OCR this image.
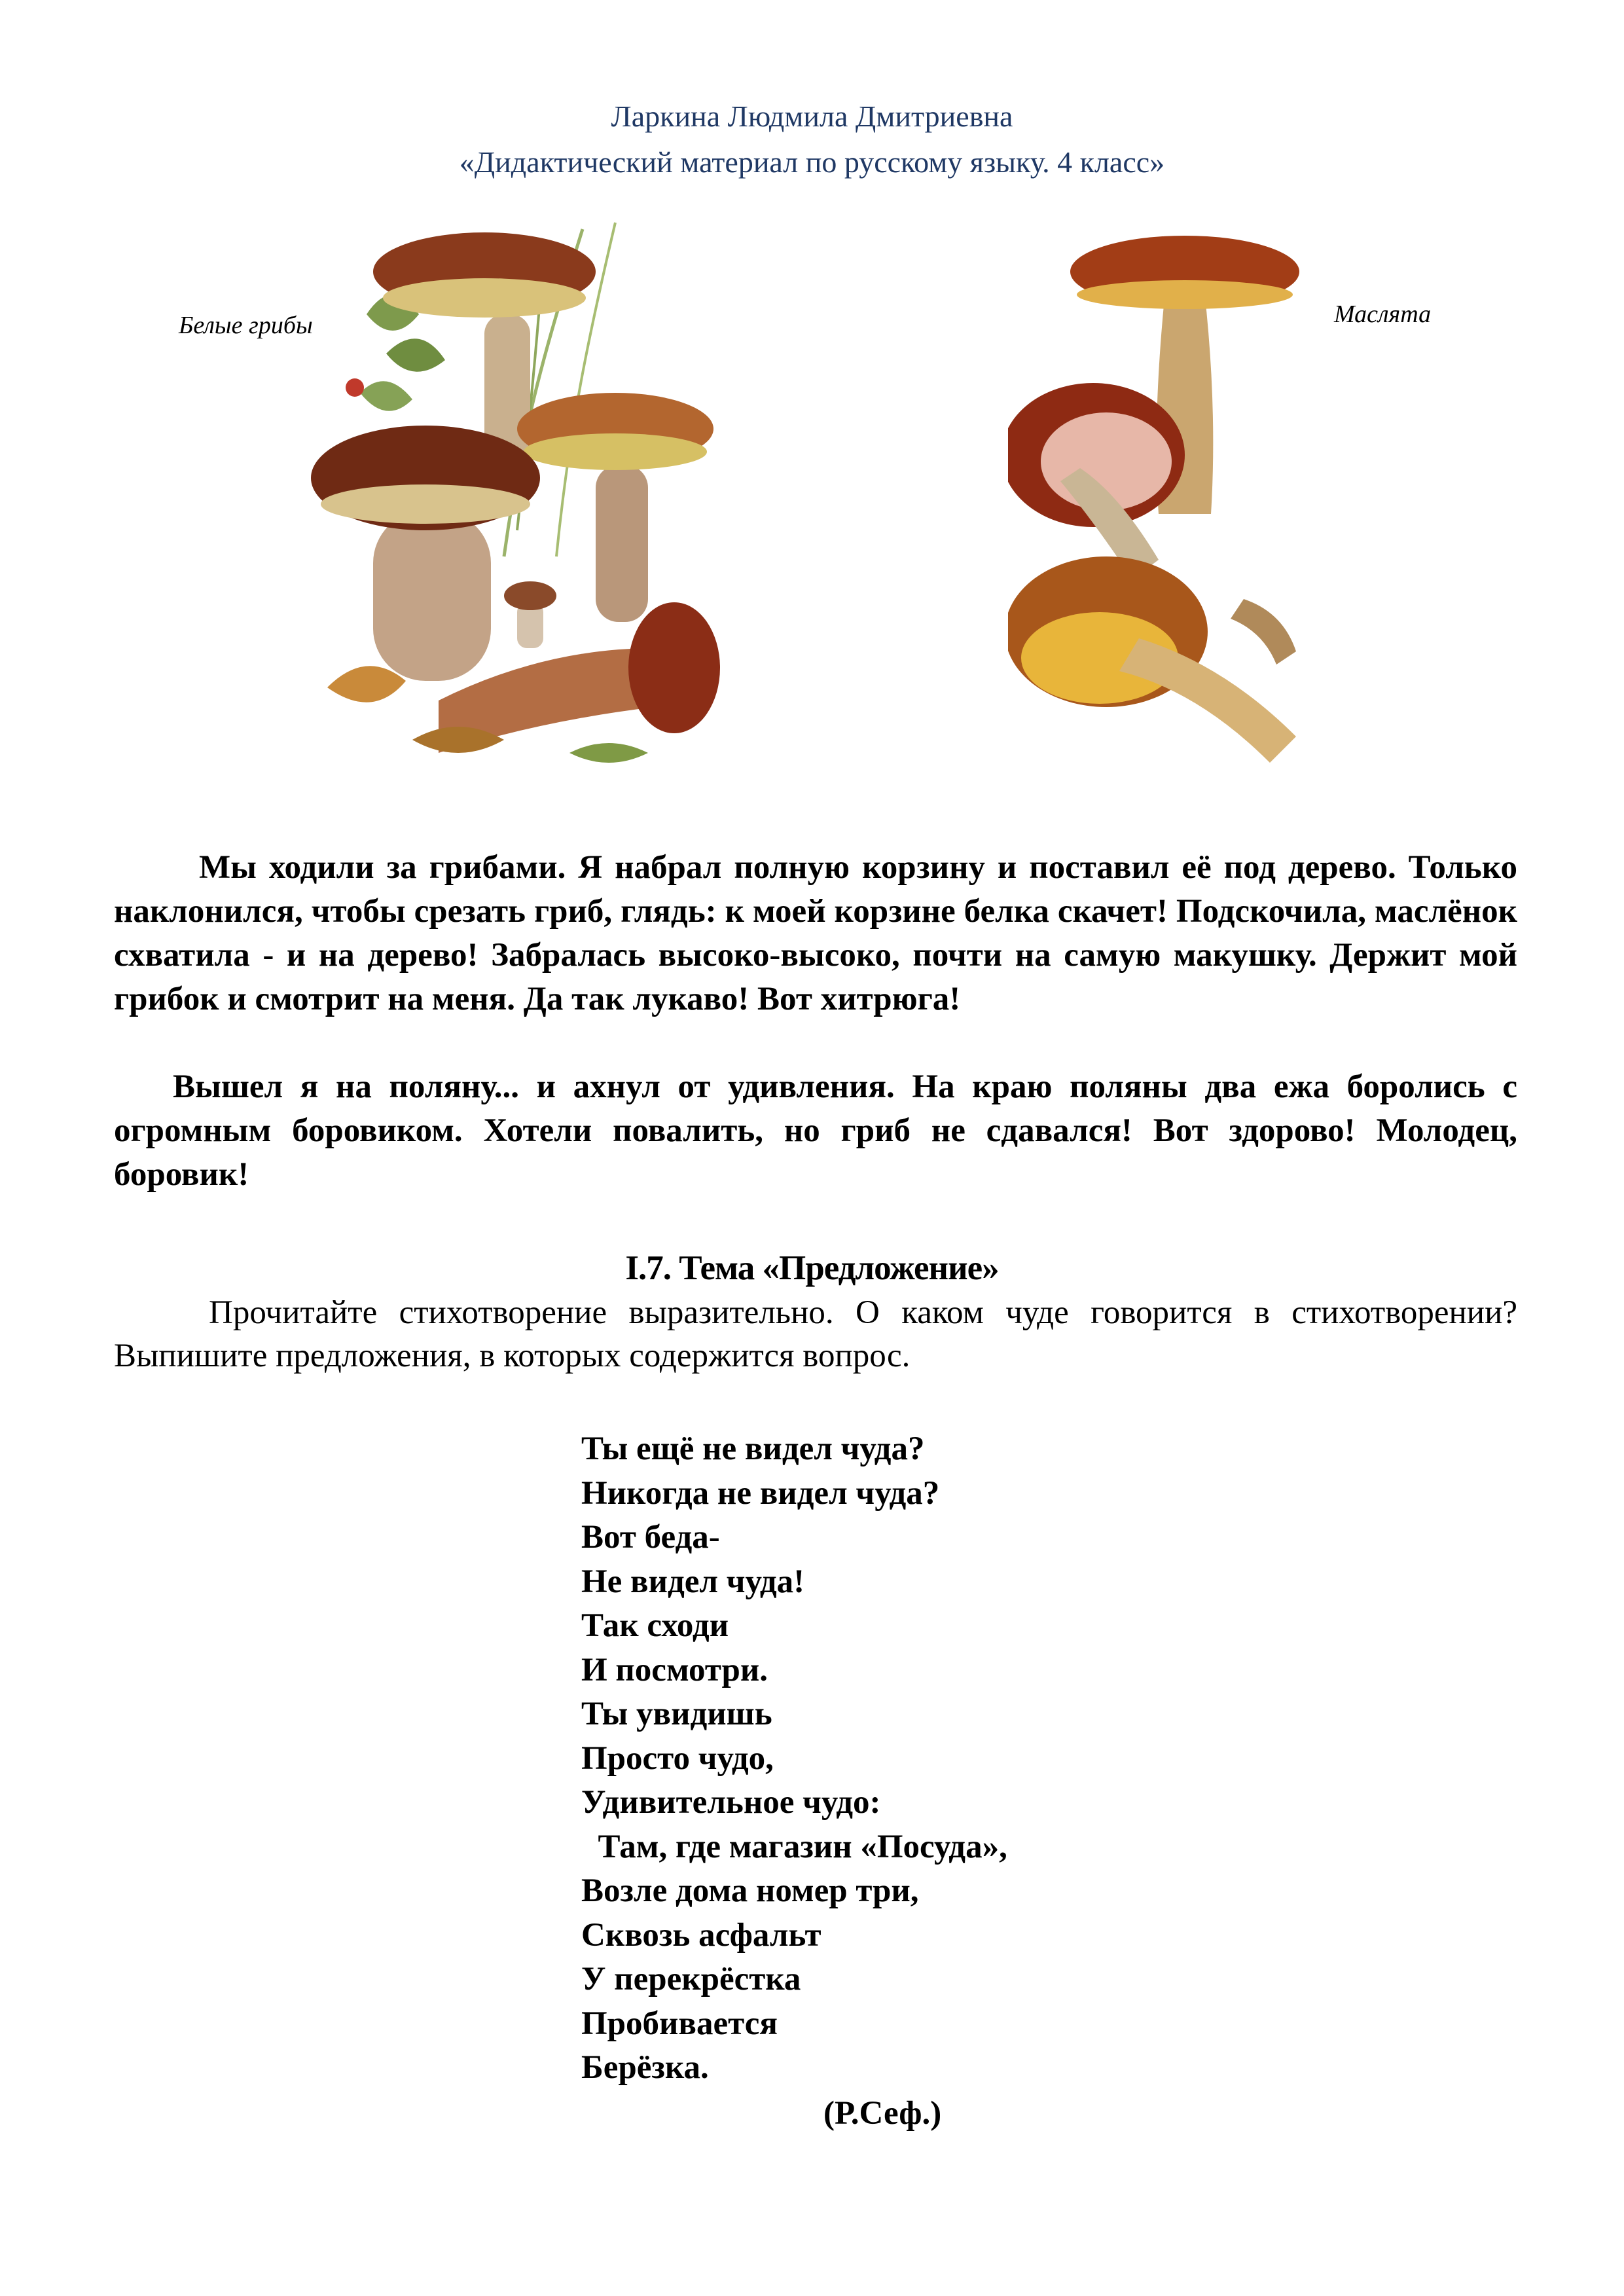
Ларкина Людмила Дмитриевна
«Дидактический материал по русскому языку. 4 класс»
Белые грибы	Маслята
Мы ходили за грибами. Я набрал полную корзину и поставил её под дерево. Только наклонился, чтобы срезать гриб, глядь: к моей корзине белка скачет! Подскочила, маслёнок схватила - и на дерево! Забралась высоко-высоко, почти на самую макушку. Держит мой грибок и смотрит на меня. Да так лукаво! Вот хитрюга!
Вышел я на поляну... и ахнул от удивления. На краю поляны два ежа боролись с огромным боровиком. Хотели повалить, но гриб не сдавался! Вот здорово! Молодец, боровик!
I.7. Тема «Предложение»
Прочитайте стихотворение выразительно. О каком чуде говорится в стихотворении? Выпишите предложения, в которых содержится вопрос.
Ты ещё не видел чуда?
Никогда не видел чуда?
Вот беда-
Не видел чуда!
Так сходи
И посмотри.
Ты увидишь
Просто чудо,
Удивительное чудо:
Там, где магазин «Посуда»,
Возле дома номер три,
Сквозь асфальт
У перекрёстка
Пробивается
Берёзка.
(Р.Сеф.)
